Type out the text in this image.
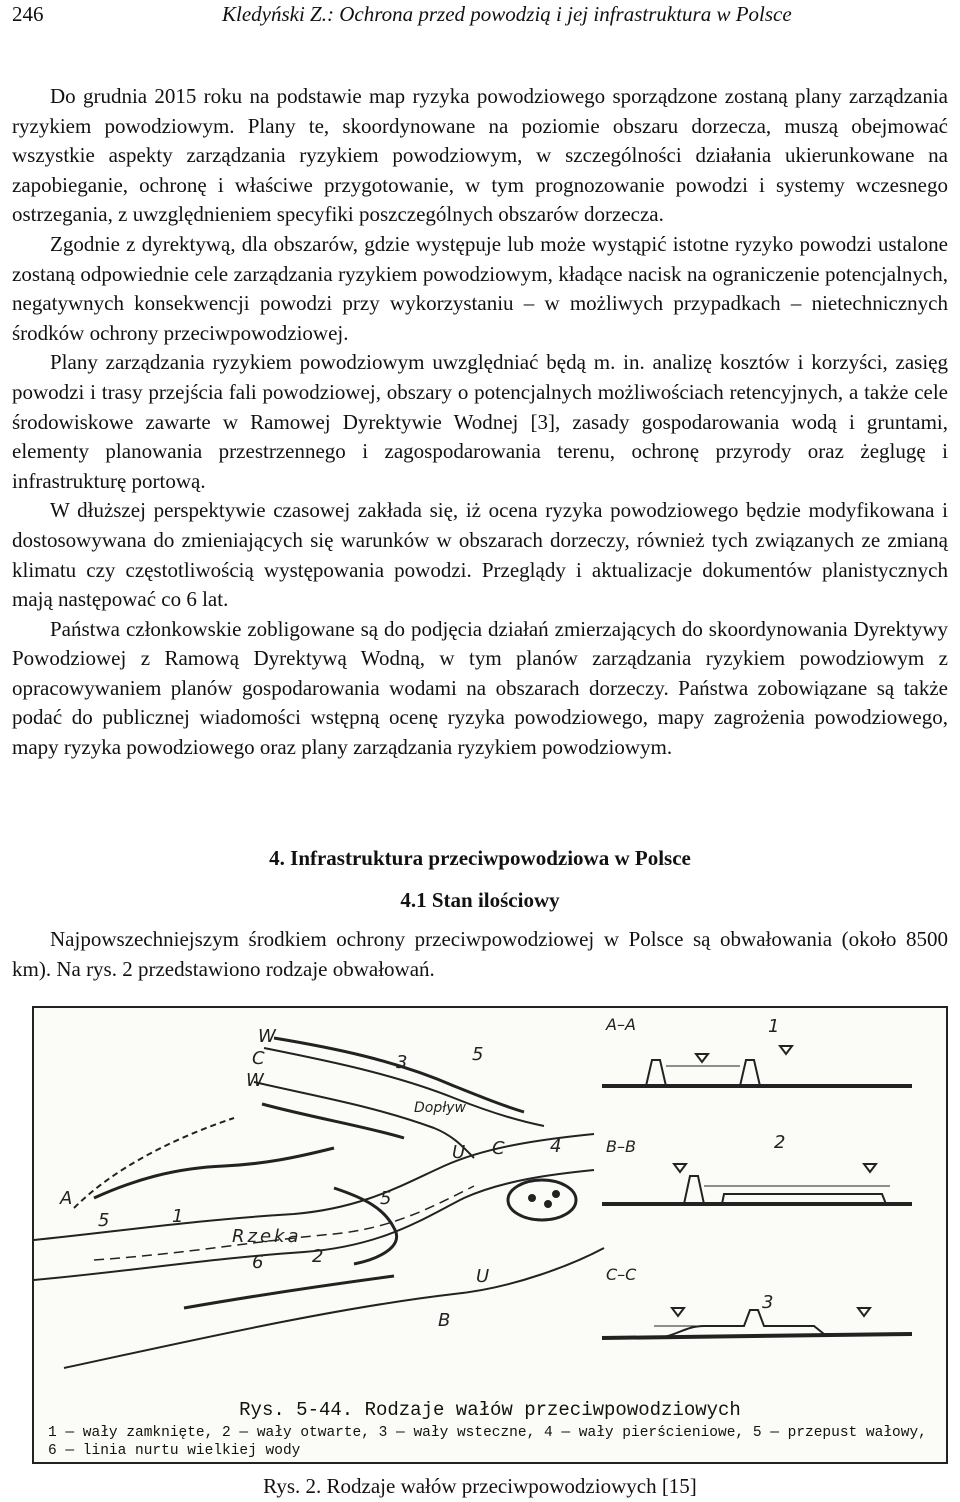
246	Kledyński Z.: Ochrona przed powodzią i jej infrastruktura w Polsce

Do grudnia 2015 roku na podstawie map ryzyka powodziowego sporządzone zostaną plany zarządzania ryzykiem powodziowym. Plany te, skoordynowane na poziomie obszaru dorzecza, muszą obejmować wszystkie aspekty zarządzania ryzykiem powodziowym, w szczególności działania ukierunkowane na zapobieganie, ochronę i właściwe przygotowanie, w tym prognozowanie powodzi i systemy wczesnego ostrzegania, z uwzględnieniem specyfiki poszczególnych obszarów dorzecza.

Zgodnie z dyrektywą, dla obszarów, gdzie występuje lub może wystąpić istotne ryzyko powodzi ustalone zostaną odpowiednie cele zarządzania ryzykiem powodziowym, kładące nacisk na ograniczenie potencjalnych, negatywnych konsekwencji powodzi przy wykorzystaniu – w możliwych przypadkach – nietechnicznych środków ochrony przeciwpowodziowej.

Plany zarządzania ryzykiem powodziowym uwzględniać będą m. in. analizę kosztów i korzyści, zasięg powodzi i trasy przejścia fali powodziowej, obszary o potencjalnych możliwościach retencyjnych, a także cele środowiskowe zawarte w Ramowej Dyrektywie Wodnej [3], zasady gospodarowania wodą i gruntami, elementy planowania przestrzennego i zagospodarowania terenu, ochronę przyrody oraz żeglugę i infrastrukturę portową.

W dłuższej perspektywie czasowej zakłada się, iż ocena ryzyka powodziowego będzie modyfikowana i dostosowywana do zmieniających się warunków w obszarach dorzeczy, również tych związanych ze zmianą klimatu czy częstotliwością występowania powodzi. Przeglądy i aktualizacje dokumentów planistycznych mają następować co 6 lat.

Państwa członkowskie zobligowane są do podjęcia działań zmierzających do skoordynowania Dyrektywy Powodziowej z Ramową Dyrektywą Wodną, w tym planów zarządzania ryzykiem powodziowym z opracowywaniem planów gospodarowania wodami na obszarach dorzeczy. Państwa zobowiązane są także podać do publicznej wiadomości wstępną ocenę ryzyka powodziowego, mapy zagrożenia powodziowego, mapy ryzyka powodziowego oraz plany zarządzania ryzykiem powodziowym.

4. Infrastruktura przeciwpowodziowa w Polsce
4.1 Stan ilościowy

Najpowszechniejszym środkiem ochrony przeciwpowodziowej w Polsce są obwałowania (około 8500 km). Na rys. 2 przedstawiono rodzaje obwałowań.

W
C
W
3	5
Dopływ
U C	4
A	5
1
Rzeka
5
6	2
B
U
A–A	1
B–B	2
C–C
3
Rys. 5-44. Rodzaje wałów przeciwpowodziowych
1 — wały zamknięte, 2 — wały otwarte, 3 — wały wsteczne, 4 — wały pierścieniowe, 5 — przepust wałowy, 6 — linia nurtu wielkiej wody
Rys. 2. Rodzaje wałów przeciwpowodziowych [15]
